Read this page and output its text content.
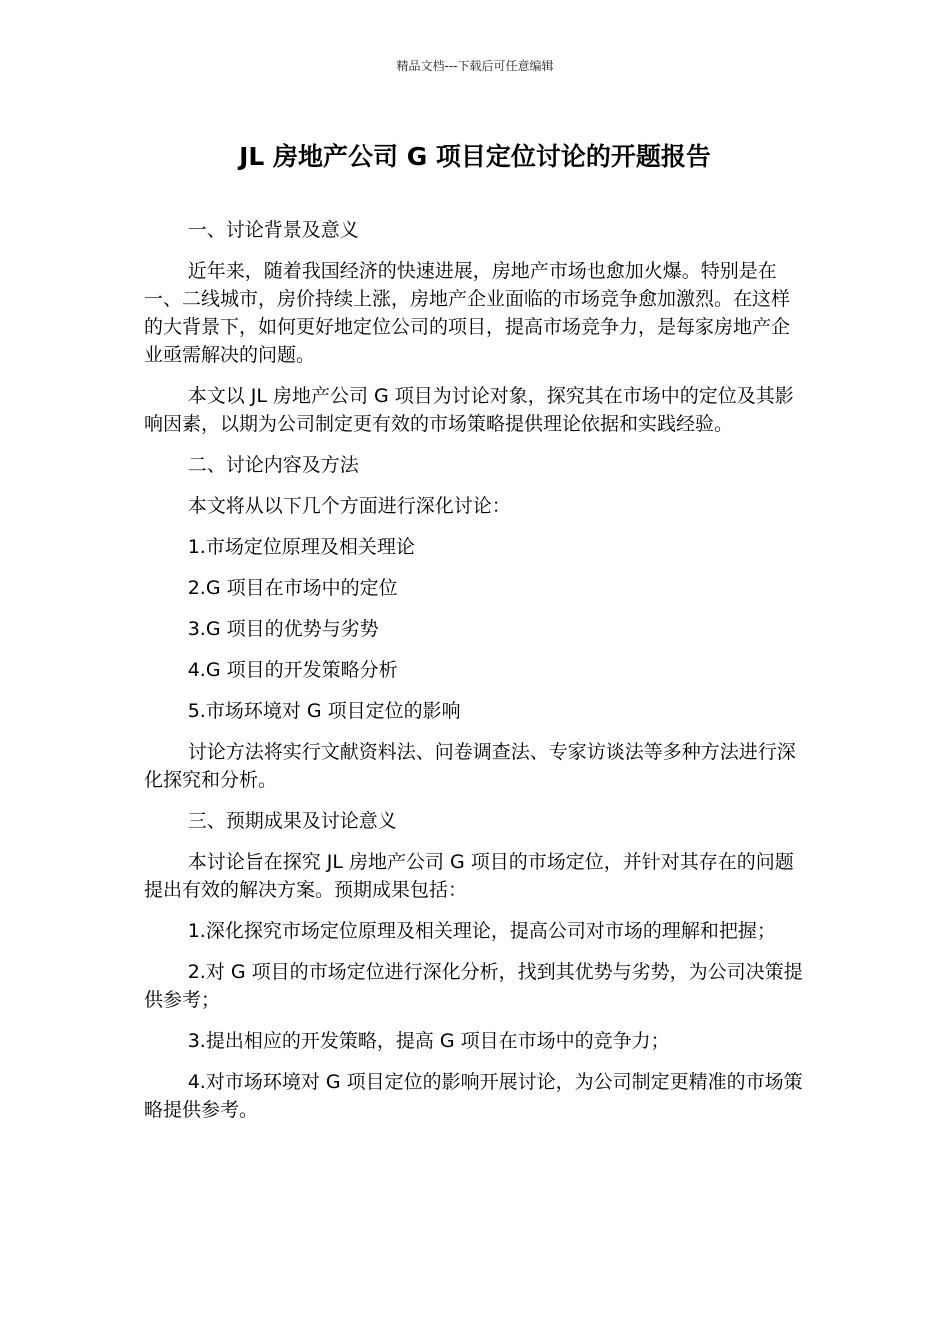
精品文档---下载后可任意编辑
JL 房地产公司 G 项目定位讨论的开题报告

一、讨论背景及意义

近年来，随着我国经济的快速进展，房地产市场也愈加火爆。特别是在一、二线城市，房价持续上涨，房地产企业面临的市场竞争愈加激烈。在这样的大背景下，如何更好地定位公司的项目，提高市场竞争力，是每家房地产企业亟需解决的问题。

本文以 JL 房地产公司 G 项目为讨论对象，探究其在市场中的定位及其影响因素，以期为公司制定更有效的市场策略提供理论依据和实践经验。

二、讨论内容及方法

本文将从以下几个方面进行深化讨论：

1.市场定位原理及相关理论

2.G 项目在市场中的定位

3.G 项目的优势与劣势

4.G 项目的开发策略分析

5.市场环境对 G 项目定位的影响

讨论方法将实行文献资料法、问卷调查法、专家访谈法等多种方法进行深化探究和分析。

三、预期成果及讨论意义

本讨论旨在探究 JL 房地产公司 G 项目的市场定位，并针对其存在的问题提出有效的解决方案。预期成果包括：

1.深化探究市场定位原理及相关理论，提高公司对市场的理解和把握；

2.对 G 项目的市场定位进行深化分析，找到其优势与劣势，为公司决策提供参考；

3.提出相应的开发策略，提高 G 项目在市场中的竞争力；

4.对市场环境对 G 项目定位的影响开展讨论，为公司制定更精准的市场策略提供参考。
